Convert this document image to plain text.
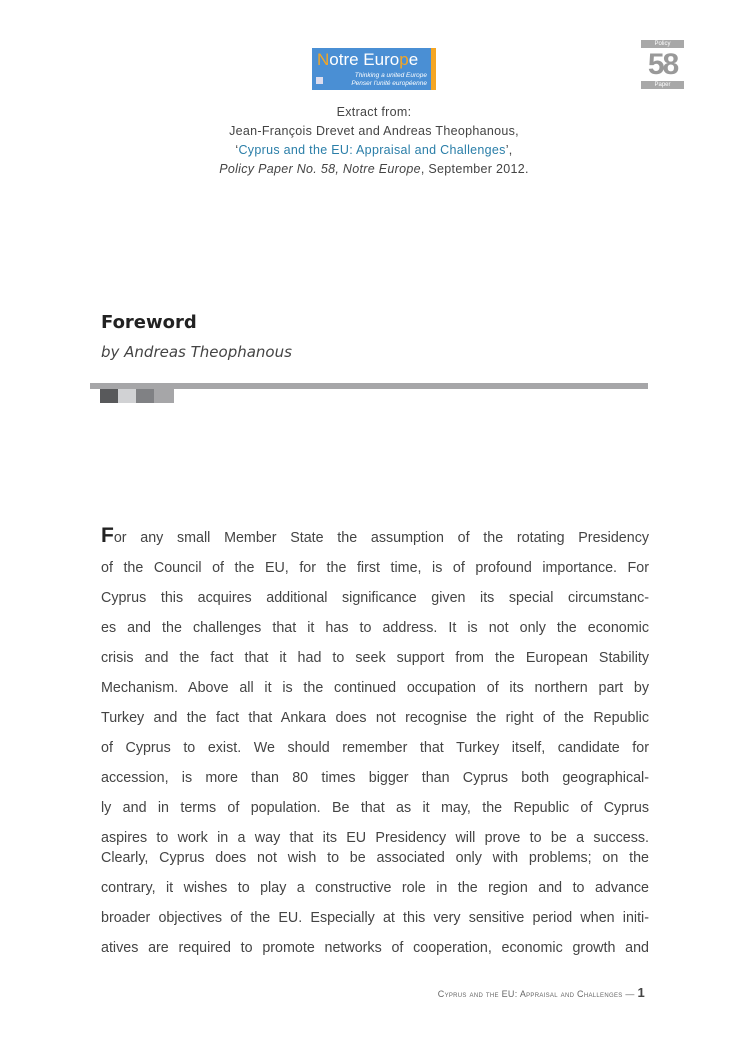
Notre Europe
Thinking a united Europe
Penser l'unité européenne
Policy
58
Paper
Extract from:
Jean-François Drevet and Andreas Theophanous,
‘Cyprus and the EU: Appraisal and Challenges’,
Policy Paper No. 58, Notre Europe, September 2012.
Foreword
by Andreas Theophanous
For any small Member State the assumption of the rotating Presidency
of the Council of the EU, for the first time, is of profound importance. For
Cyprus this acquires additional significance given its special circumstanc-
es and the challenges that it has to address. It is not only the economic
crisis and the fact that it had to seek support from the European Stability
Mechanism. Above all it is the continued occupation of its northern part by
Turkey and the fact that Ankara does not recognise the right of the Republic
of Cyprus to exist. We should remember that Turkey itself, candidate for
accession, is more than 80 times bigger than Cyprus both geographical-
ly and in terms of population. Be that as it may, the Republic of Cyprus
aspires to work in a way that its EU Presidency will prove to be a success.
Clearly, Cyprus does not wish to be associated only with problems; on the
contrary, it wishes to play a constructive role in the region and to advance
broader objectives of the EU. Especially at this very sensitive period when initi-
atives are required to promote networks of cooperation, economic growth and
Cyprus and the EU: Appraisal and Challenges — 1
